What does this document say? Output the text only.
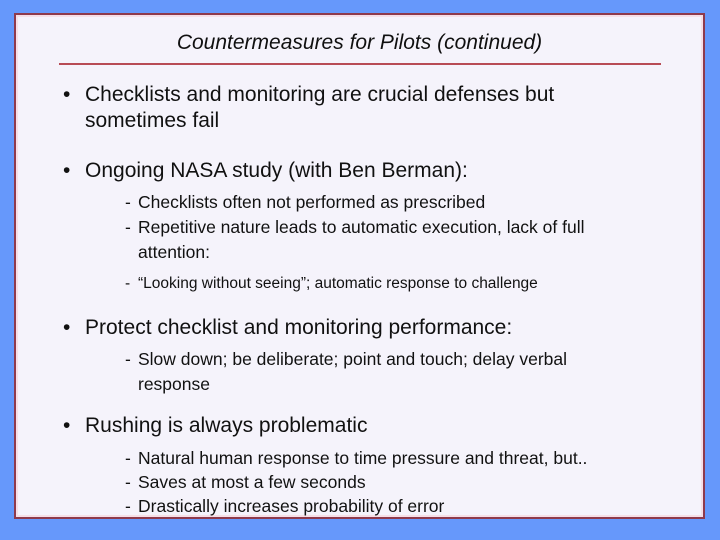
Countermeasures for Pilots (continued)
• Checklists and monitoring are crucial defenses but sometimes fail
• Ongoing NASA study (with Ben Berman):
- Checklists often not performed as prescribed
- Repetitive nature leads to automatic execution, lack of full attention:
- “Looking without seeing”; automatic response to challenge
• Protect checklist and monitoring performance:
- Slow down; be deliberate; point and touch; delay verbal response
• Rushing is always problematic
- Natural human response to time pressure and threat, but..
- Saves at most a few seconds
- Drastically increases probability of error
